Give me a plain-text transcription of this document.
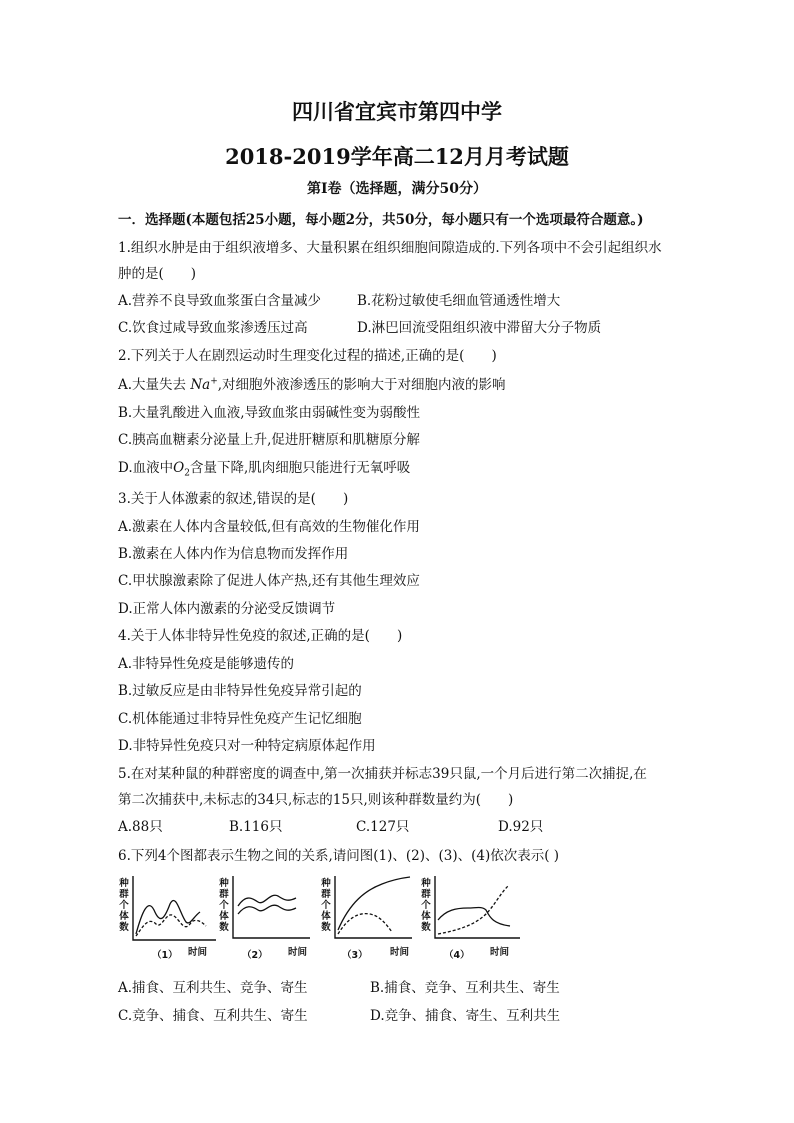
四川省宜宾市第四中学
2018-2019学年高二12月月考试题
第Ⅰ卷（选择题，满分50分）
一．选择题(本题包括25小题，每小题2分，共50分，每小题只有一个选项最符合题意。)
1.组织水肿是由于组织液增多、大量积累在组织细胞间隙造成的.下列各项中不会引起组织水
肿的是(　　)
A.营养不良导致血浆蛋白含量减少	B.花粉过敏使毛细血管通透性增大
C.饮食过咸导致血浆渗透压过高	D.淋巴回流受阻组织液中滞留大分子物质
2.下列关于人在剧烈运动时生理变化过程的描述,正确的是(　　)
A.大量失去 Na+,对细胞外液渗透压的影响大于对细胞内液的影响
B.大量乳酸进入血液,导致血浆由弱碱性变为弱酸性
C.胰高血糖素分泌量上升,促进肝糖原和肌糖原分解
D.血液中$O_2$含量下降,肌肉细胞只能进行无氧呼吸
3.关于人体激素的叙述,错误的是(　　)
A.激素在人体内含量较低,但有高效的生物催化作用
B.激素在人体内作为信息物而发挥作用
C.甲状腺激素除了促进人体产热,还有其他生理效应
D.正常人体内激素的分泌受反馈调节
4.关于人体非特异性免疫的叙述,正确的是(　　)
A.非特异性免疫是能够遗传的
B.过敏反应是由非特异性免疫异常引起的
C.机体能通过非特异性免疫产生记忆细胞
D.非特异性免疫只对一种特定病原体起作用
5.在对某种鼠的种群密度的调查中,第一次捕获并标志39只鼠,一个月后进行第二次捕捉,在
第二次捕获中,未标志的34只,标志的15只,则该种群数量约为(　　)
A.88只	B.116只	C.127只	D.92只
6.下列4个图都表示生物之间的关系,请问图(1)、(2)、(3)、(4)依次表示( )
种群个体数
时间
（1）
种群个体数
时间
（2）
种群个体数
时间
（3）
种群个体数
时间
（4）
A.捕食、互利共生、竞争、寄生	B.捕食、竞争、互利共生、寄生
C.竞争、捕食、互利共生、寄生	D.竞争、捕食、寄生、互利共生
